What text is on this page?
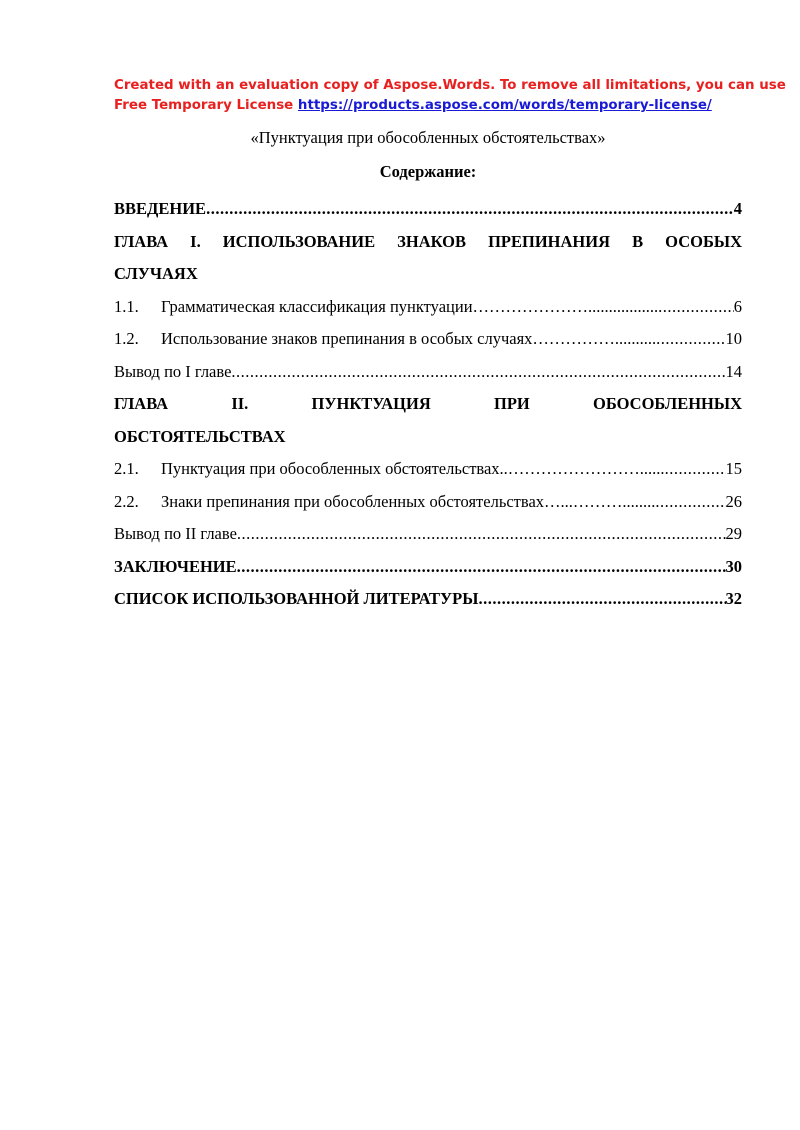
Created with an evaluation copy of Aspose.Words. To remove all limitations, you can use
Free Temporary License https://products.aspose.com/words/temporary-license/
«Пунктуация при обособленных обстоятельствах»
Содержание:
ВВЕДЕНИЕ .....	4
ГЛАВА I. ИСПОЛЬЗОВАНИЕ ЗНАКОВ ПРЕПИНАНИЯ В ОСОБЫХ
СЛУЧАЯХ
1.1.	Грамматическая классификация пунктуации…………………................. .....	6
1.2.	Использование знаков препинания в особых случаях…………….......... .....	10
Вывод по I главе .....	14
ГЛАВА II. ПУНКТУАЦИЯ ПРИ ОБОСОБЛЕННЫХ
ОБСТОЯТЕЛЬСТВАХ
2.1.	Пунктуация при обособленных обстоятельствах..……………………...... .....	15
2.2.	Знаки препинания при обособленных обстоятельствах…...………........ .....	26
Вывод по II главе .....	29
ЗАКЛЮЧЕНИЕ .....	30
СПИСОК ИСПОЛЬЗОВАННОЙ ЛИТЕРАТУРЫ .....	32
